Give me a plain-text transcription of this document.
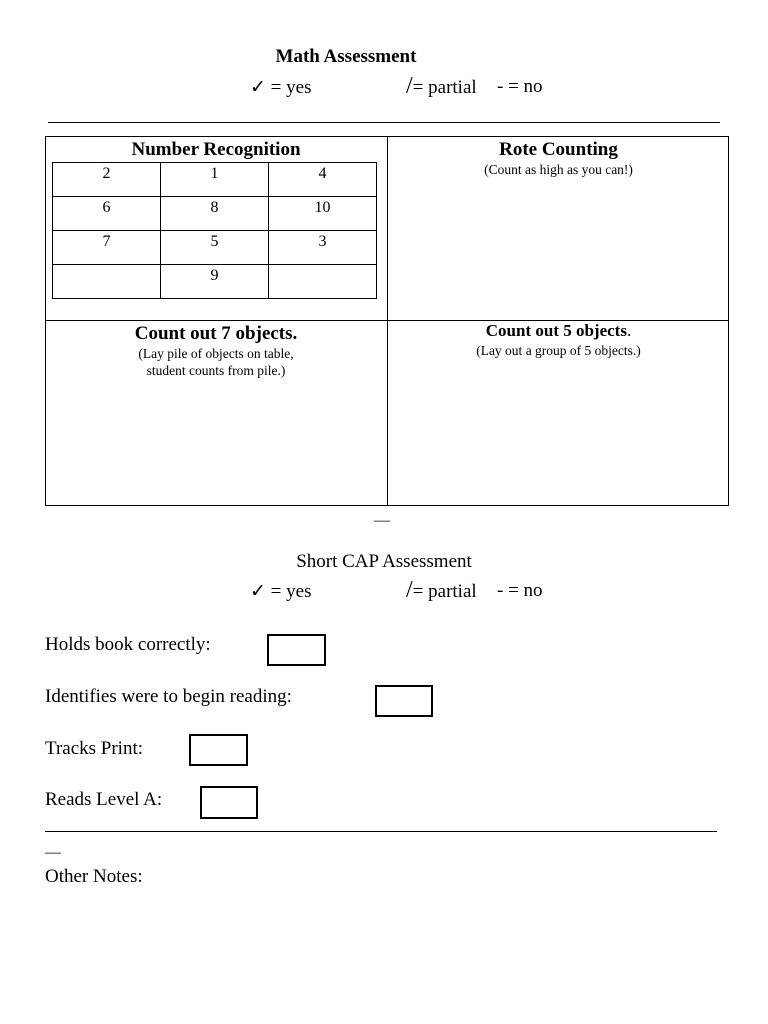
Math Assessment
✓ = yes	/= partial - = no
Number Recognition
2	1	4
6	8	10
7	5	3
	9	
Rote Counting
(Count as high as you can!)
Count out 7 objects.
(Lay pile of objects on table,
student counts from pile.)
Count out 5 objects.
(Lay out a group of 5 objects.)
—
Short CAP Assessment
✓ = yes	/= partial - = no
Holds book correctly:
Identifies were to begin reading:
Tracks Print:
Reads Level A:
—
Other Notes:
